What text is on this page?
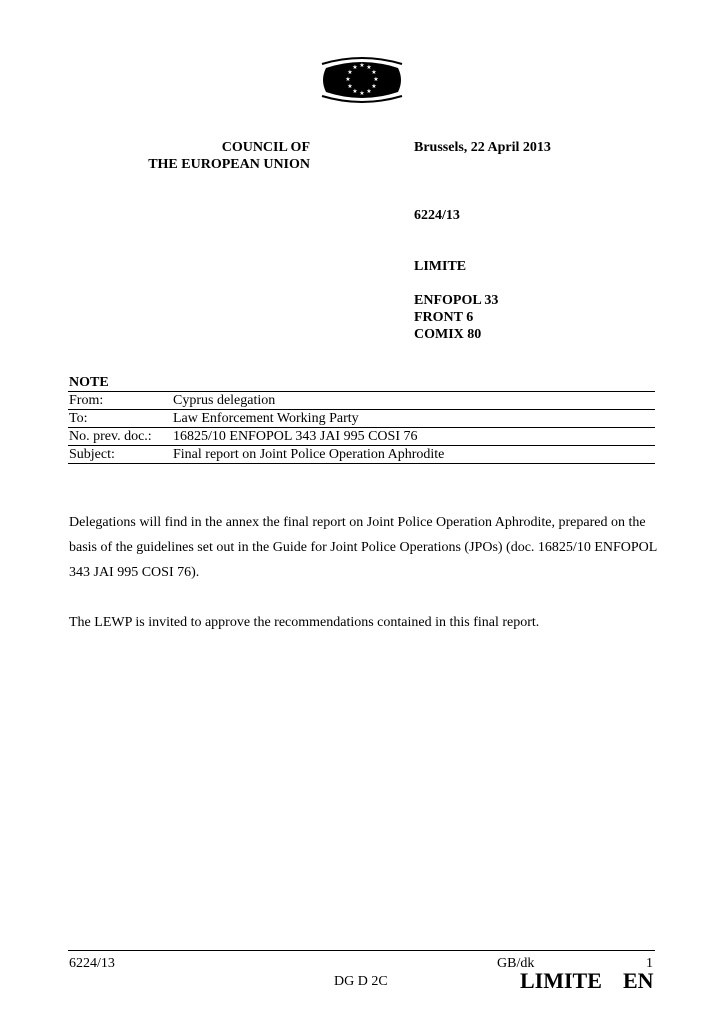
★ ★
★
★
★
★
★
★
★
★
★
★
COUNCIL OF
THE EUROPEAN UNION
Brussels, 22 April 2013
6224/13
LIMITE
ENFOPOL 33
FRONT 6
COMIX 80
NOTE
From:	Cyprus delegation
To:	Law Enforcement Working Party
No. prev. doc.:	16825/10 ENFOPOL 343 JAI 995 COSI 76
Subject:	Final report on Joint Police Operation Aphrodite

Delegations will find in the annex the final report on Joint Police Operation Aphrodite, prepared on the basis of the guidelines set out in the Guide for Joint Police Operations (JPOs) (doc. 16825/10 ENFOPOL 343 JAI 995 COSI 76).

The LEWP is invited to approve the recommendations contained in this final report.

6224/13	GB/dk	1
DG D 2C	LIMITE EN
